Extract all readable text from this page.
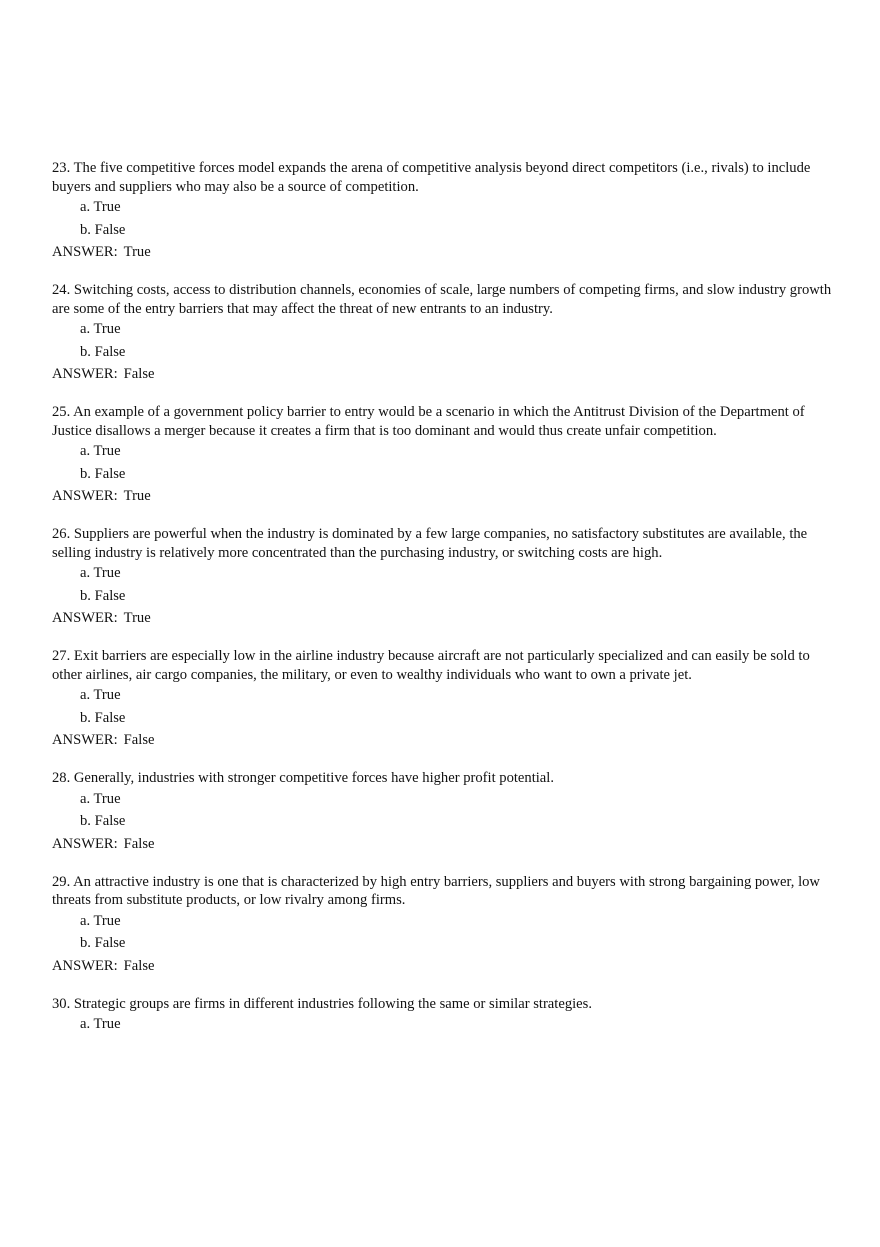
23. The five competitive forces model expands the arena of competitive analysis beyond direct competitors (i.e., rivals) to include buyers and suppliers who may also be a source of competition.

a. True
b. False
ANSWER: True

24. Switching costs, access to distribution channels, economies of scale, large numbers of competing firms, and slow industry growth are some of the entry barriers that may affect the threat of new entrants to an industry.

a. True
b. False
ANSWER: False

25. An example of a government policy barrier to entry would be a scenario in which the Antitrust Division of the Department of Justice disallows a merger because it creates a firm that is too dominant and would thus create unfair competition.

a. True
b. False
ANSWER: True

26. Suppliers are powerful when the industry is dominated by a few large companies, no satisfactory substitutes are available, the selling industry is relatively more concentrated than the purchasing industry, or switching costs are high.

a. True
b. False
ANSWER: True

27. Exit barriers are especially low in the airline industry because aircraft are not particularly specialized and can easily be sold to other airlines, air cargo companies, the military, or even to wealthy individuals who want to own a private jet.

a. True
b. False
ANSWER: False

28. Generally, industries with stronger competitive forces have higher profit potential.

a. True
b. False
ANSWER: False

29. An attractive industry is one that is characterized by high entry barriers, suppliers and buyers with strong bargaining power, low threats from substitute products, or low rivalry among firms.

a. True
b. False
ANSWER: False

30. Strategic groups are firms in different industries following the same or similar strategies.

a. True
